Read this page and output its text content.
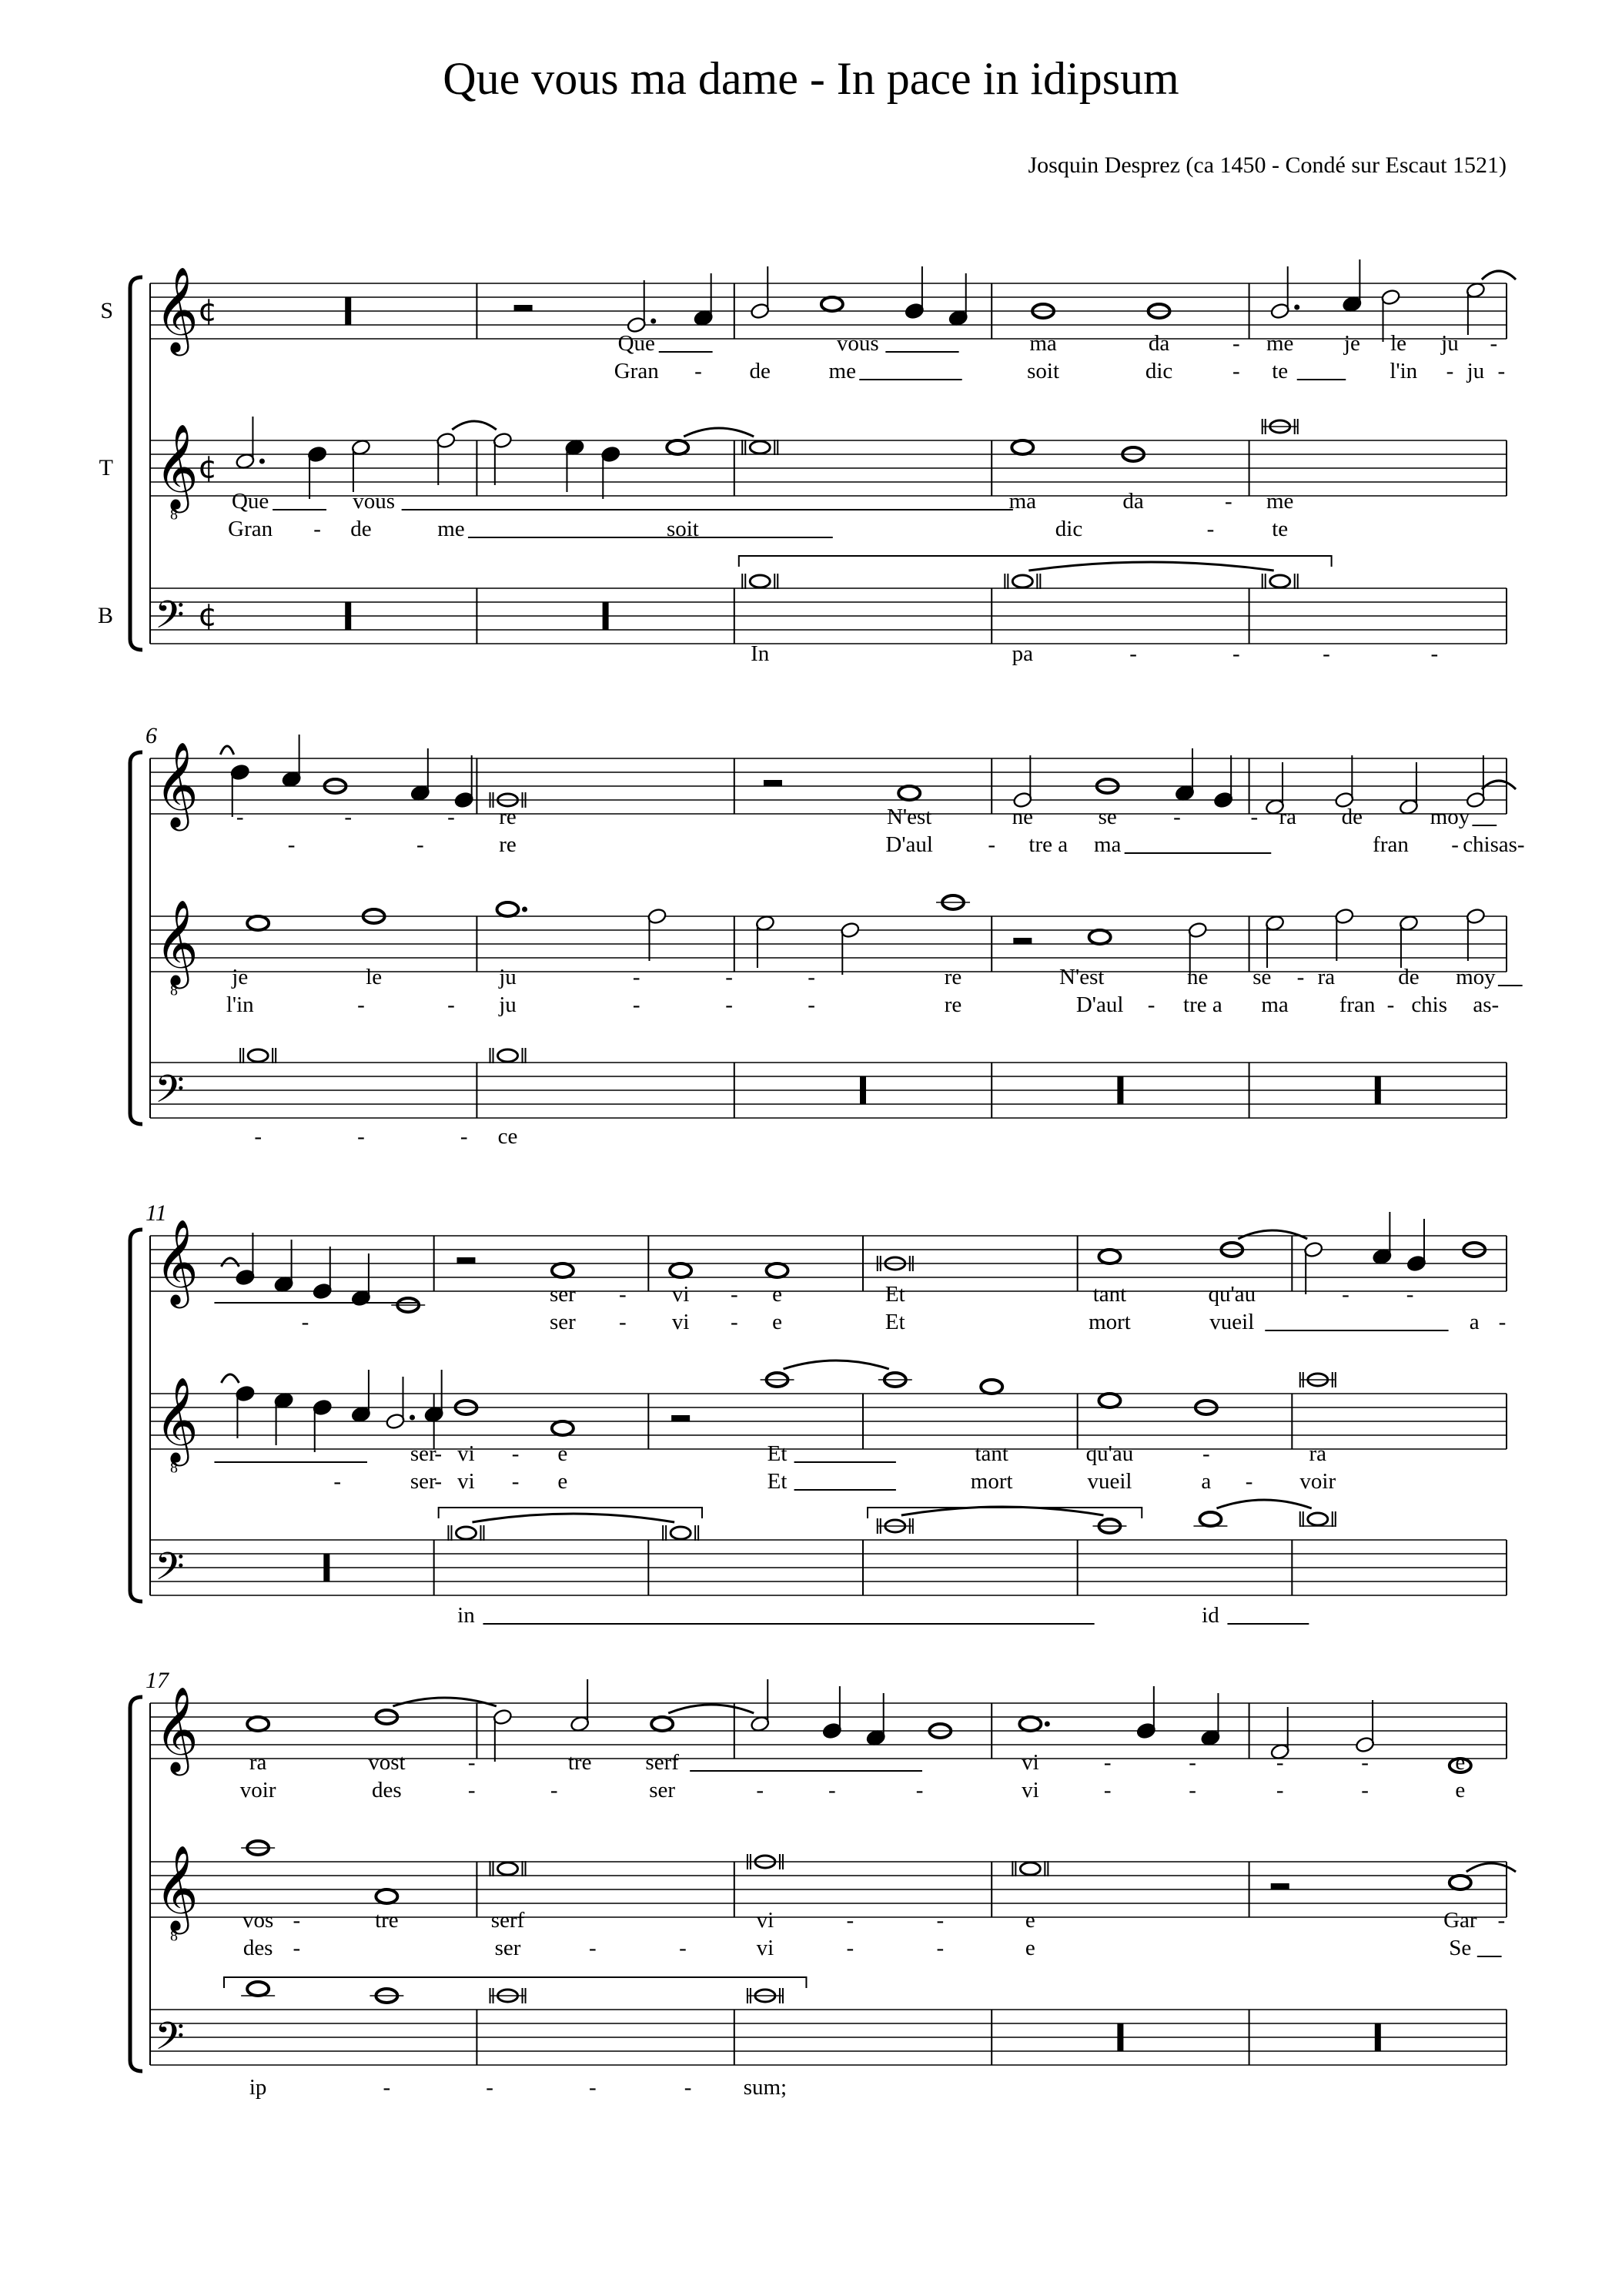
Que vous ma dame - In pace in idipsum
Josquin Desprez (ca 1450 - Condé sur Escaut 1521)
𝄞 ¢
𝄞
8
¢
𝄢 ¢
S
T
B
Que	vous	ma	da	- me je le ju -
Gran - de	me	soit	dic	- te	l'in - ju -
Que	vous	ma	da	- me
Gran - de	me	soit	dic	-	te
In	pa	-	-	-	-
𝄞
𝄞
8
𝄢
6
-	-	- re	N'est	ne	se	-	- ra de	moy
-	-	re	D'aul - tre a ma	fran - chis as-
je	le	ju	-	-	-	re	N'est	ne se - ra	de moy
l'in	-	- ju	-	-	-	re	D'aul - tre a ma fran - chis as-
-	-	- ce
𝄞
𝄞
8
𝄢
11
ser - vi - e	Et	tant	qu'au	-	-
-	ser - vi - e	Et	mort	vueil	a -
ser
- vi - e	Et	tant	qu'au	-	ra
-	ser
- vi - e	Et	mort	vueil	a - voir
in	id
𝄞
𝄞
8
𝄢
17
ra	vost	-	tre serf	vi	-	-	-	-	e
voir	des	-	-	ser	-	-	-	vi	-	-	-	-	e
vos -	tre	serf	vi	-	-	e	Gar -
des -	ser	-	-	vi	-	-	e	Se
ip	-	-	-	- sum;
